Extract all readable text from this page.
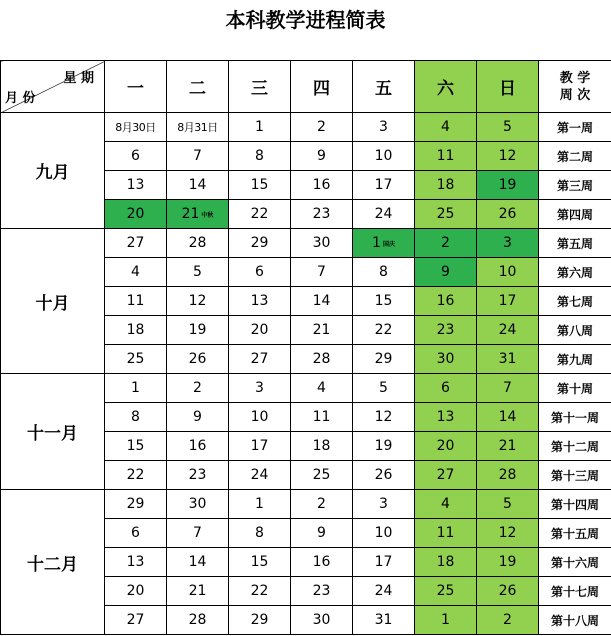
本科教学进程简表
星 期
月 份	一	二	三	四	五	六	日	教 学
周 次
九月	8月30日	8月31日	1	2	3	4	5	第一周
	6	7	8	9	10	11	12	第二周
	13	14	15	16	17	18	19	第三周
	20	21 中秋	22	23	24	25	26	第四周
十月	27	28	29	30	1 国庆	2	3	第五周
	4	5	6	7	8	9	10	第六周
	11	12	13	14	15	16	17	第七周
	18	19	20	21	22	23	24	第八周
	25	26	27	28	29	30	31	第九周
十一月	1	2	3	4	5	6	7	第十周
	8	9	10	11	12	13	14	第十一周
	15	16	17	18	19	20	21	第十二周
	22	23	24	25	26	27	28	第十三周
十二月	29	30	1	2	3	4	5	第十四周
	6	7	8	9	10	11	12	第十五周
	13	14	15	16	17	18	19	第十六周
	20	21	22	23	24	25	26	第十七周
	27	28	29	30	31	1	2	第十八周
